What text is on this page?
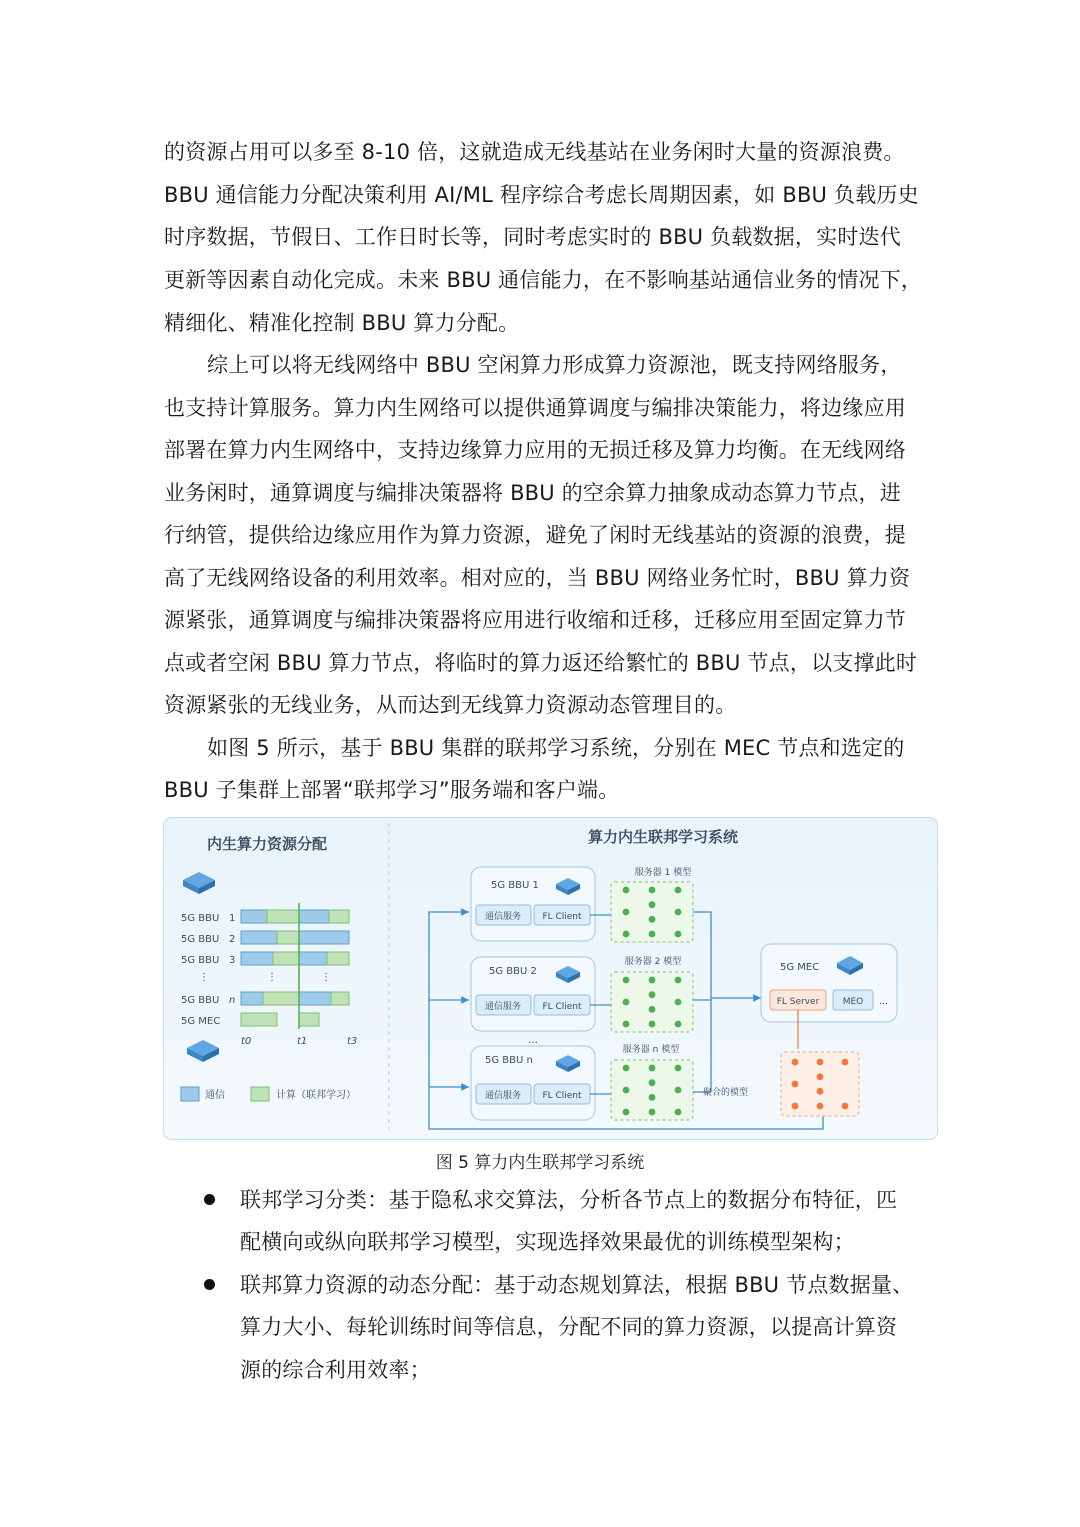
的资源占用可以多至 8-10 倍，这就造成无线基站在业务闲时大量的资源浪费。
BBU 通信能力分配决策利用 AI/ML 程序综合考虑长周期因素，如 BBU 负载历史
时序数据，节假日、工作日时长等，同时考虑实时的 BBU 负载数据，实时迭代
更新等因素自动化完成。未来 BBU 通信能力，在不影响基站通信业务的情况下，
精细化、精准化控制 BBU 算力分配。
综上可以将无线网络中 BBU 空闲算力形成算力资源池，既支持网络服务，
也支持计算服务。算力内生网络可以提供通算调度与编排决策能力，将边缘应用
部署在算力内生网络中，支持边缘算力应用的无损迁移及算力均衡。在无线网络
业务闲时，通算调度与编排决策器将 BBU 的空余算力抽象成动态算力节点，进
行纳管，提供给边缘应用作为算力资源，避免了闲时无线基站的资源的浪费，提
高了无线网络设备的利用效率。相对应的，当 BBU 网络业务忙时，BBU 算力资
源紧张，通算调度与编排决策器将应用进行收缩和迁移，迁移应用至固定算力节
点或者空闲 BBU 算力节点，将临时的算力返还给繁忙的 BBU 节点，以支撑此时
资源紧张的无线业务，从而达到无线算力资源动态管理目的。
如图 5 所示，基于 BBU 集群的联邦学习系统，分别在 MEC 节点和选定的
BBU 子集群上部署“联邦学习”服务端和客户端。
内生算力资源分配
5G BBU 1
5G BBU 2
5G BBU 3
⋮	⋮	⋮
5G BBU n
5G MEC
t0	t1	t3
通信	计算（联邦学习）
算力内生联邦学习系统
5G BBU 1
通信服务 FL Client
服务器 1 模型
5G BBU 2
通信服务 FL Client
服务器 2 模型
…
5G BBU n
通信服务 FL Client
服务器 n 模型
5G MEC
FL Server	MEO …
聚合的模型
图 5 算力内生联邦学习系统
联邦学习分类：基于隐私求交算法，分析各节点上的数据分布特征，匹
配横向或纵向联邦学习模型，实现选择效果最优的训练模型架构；
联邦算力资源的动态分配：基于动态规划算法，根据 BBU 节点数据量、
算力大小、每轮训练时间等信息，分配不同的算力资源，以提高计算资
源的综合利用效率；
